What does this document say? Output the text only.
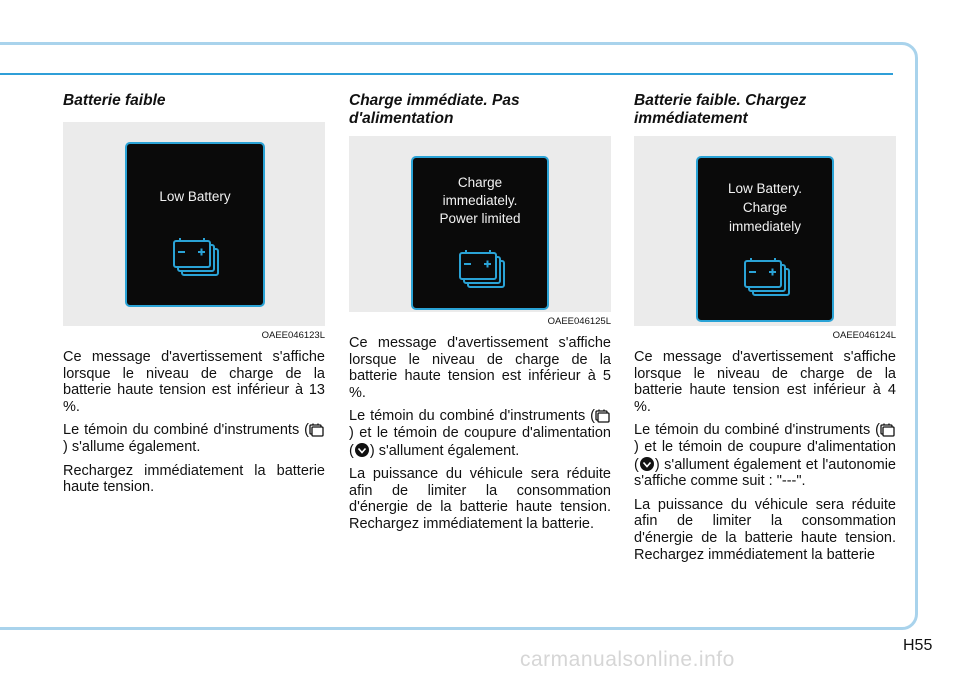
Batterie faible
Low Battery
OAEE046123L

Ce message d'avertissement s'affiche lorsque le niveau de charge de la batterie haute tension est inférieur à 13 %.

Le témoin du combiné d'instruments () s'allume également.

Rechargez immédiatement la batterie haute tension.

Charge immédiate. Pas d'alimentation
Charge
immediately.
Power limited
OAEE046125L

Ce message d'avertissement s'affiche lorsque le niveau de charge de la batterie haute tension est inférieur à 5 %.

Le témoin du combiné d'instruments () et le témoin de coupure d'alimentation ( ) s'allument également.

La puissance du véhicule sera réduite afin de limiter la consommation d'énergie de la batterie haute tension. Rechargez immédiatement la batterie.

Batterie faible. Chargez immédiatement
Low Battery.
Charge
immediately
OAEE046124L

Ce message d'avertissement s'affiche lorsque le niveau de charge de la batterie haute tension est inférieur à 4 %.

Le témoin du combiné d'instruments () et le témoin de coupure d'alimentation ( ) s'allument également et l'autonomie s'affiche comme suit : "---".

La puissance du véhicule sera réduite afin de limiter la consommation d'énergie de la batterie haute tension. Rechargez immédiatement la batterie

H55
carmanualsonline.info
